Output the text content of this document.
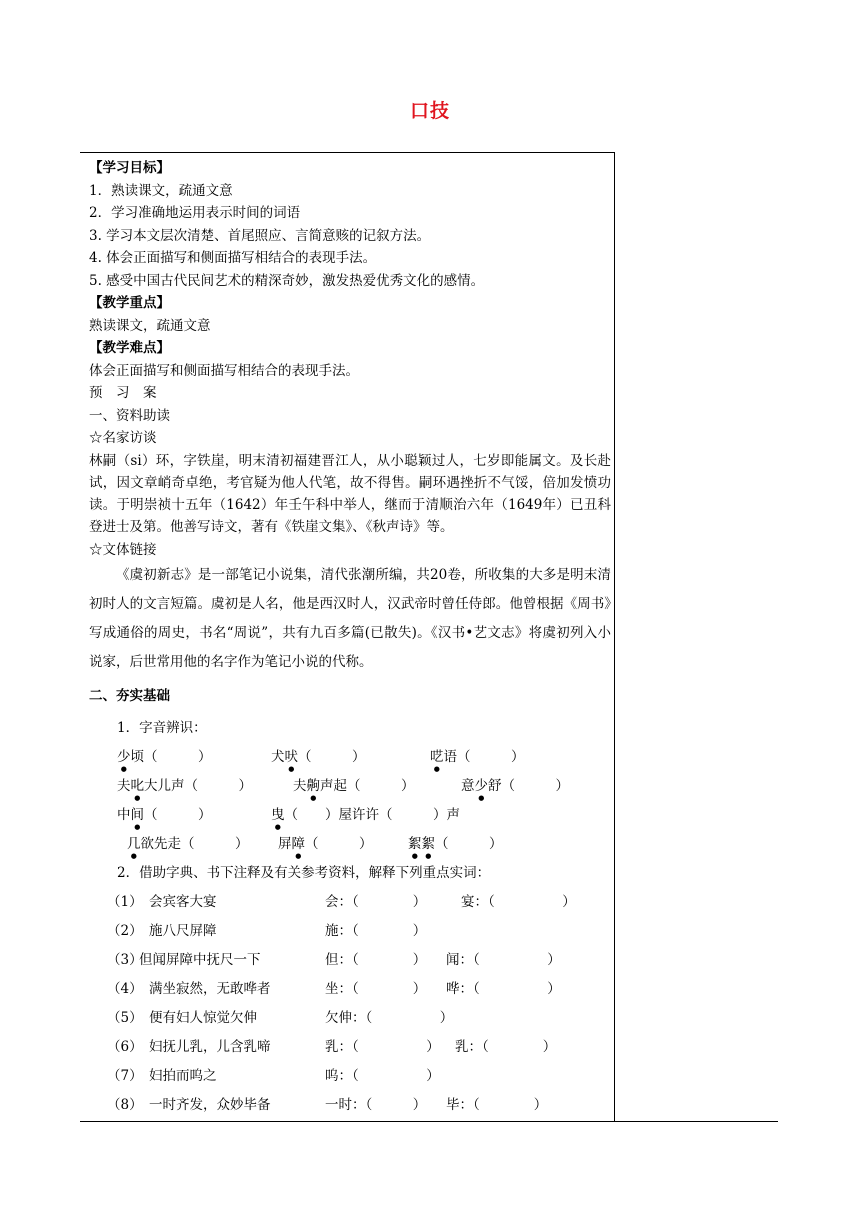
口技
【学习目标】
1．熟读课文，疏通文意
2．学习准确地运用表示时间的词语
3. 学习本文层次清楚、首尾照应、言简意赅的记叙方法。
4. 体会正面描写和侧面描写相结合的表现手法。
5. 感受中国古代民间艺术的精深奇妙，激发热爱优秀文化的感情。
【教学重点】
熟读课文，疏通文意
【教学难点】
体会正面描写和侧面描写相结合的表现手法。
预　习　案
一、资料助读
☆名家访谈
林嗣（si）环，字铁崖，明末清初福建晋江人，从小聪颖过人，七岁即能属文。及长赴试，因文章峭奇卓绝，考官疑为他人代笔，故不得售。嗣环遇挫折不气馁，倍加发愤功读。于明崇祯十五年（1642）年壬午科中举人，继而于清顺治六年（1649年）已丑科登进士及第。他善写诗文，著有《铁崖文集》、《秋声诗》等。
☆文体链接
《虞初新志》是一部笔记小说集，清代张潮所编，共20卷，所收集的大多是明末清初时人的文言短篇。虞初是人名，他是西汉时人，汉武帝时曾任侍郎。他曾根据《周书》写成通俗的周史，书名“周说”，共有九百多篇(已散失)。《汉书•艺文志》将虞初列入小说家，后世常用他的名字作为笔记小说的代称。
二、夯实基础
1．字音辨识：
少顷（　　　）	犬吠（　　　）	呓语（　　　）
夫叱大儿声（　　　）	夫齁声起（　　　）	意少舒（　　　）
中间（　　　）	曳（　　）屋许许（　　　）声
几欲先走（　　　） 屏障（　　　）	絮絮（　　　）
2．借助字典、书下注释及有关参考资料，解释下列重点实词：
（1） 会宾客大宴	会：（　　　　）	宴：（　　　　　）
（2） 施八尺屏障	施：（　　　　）
（3）
但闻屏障中抚尺一下	但：（　　　　） 闻：（　　　　　）
（4） 满坐寂然，无敢哗者	坐：（　　　　） 哗：（　　　　　）
（5） 便有妇人惊觉欠伸	欠伸：（　　　　　）
（6） 妇抚儿乳，儿含乳啼	乳：（　　　　　） 乳：（　　　　）
（7） 妇拍而呜之	呜：（　　　　　）
（8） 一时齐发，众妙毕备	一时：（　　　） 毕：（　　　　）
